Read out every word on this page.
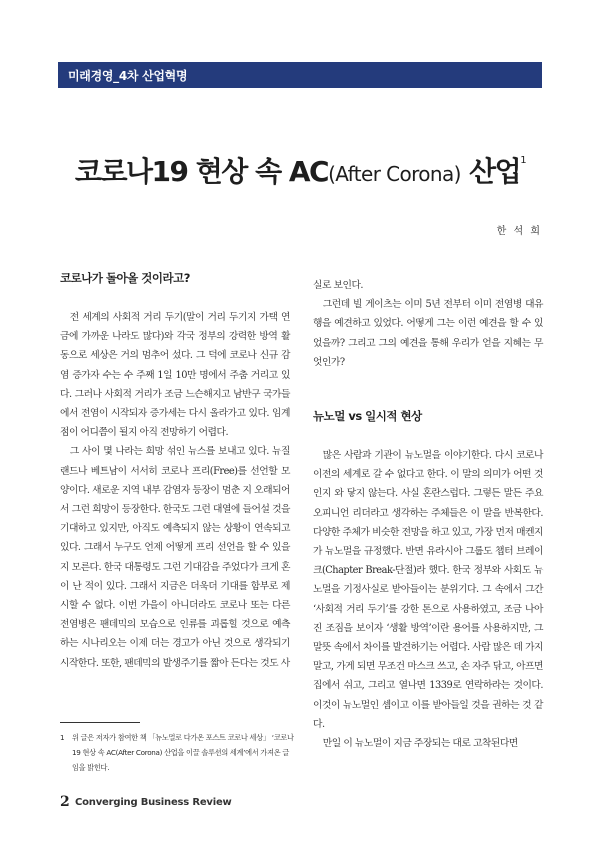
미래경영_4차 산업혁명
코로나19 현상 속 AC(After Corona) 산업$^1$
한 석 희
코로나가 돌아올 것이라고?

전 세계의 사회적 거리 두기(말이 거리 두기지 가택 연금에 가까운 나라도 많다)와 각국 정부의 강력한 방역 활동으로 세상은 거의 멈추어 섰다. 그 덕에 코로나 신규 감염 증가자 수는 수 주째 1일 10만 명에서 주춤 거리고 있다. 그러나 사회적 거리가 조금 느슨해지고 남반구 국가들에서 전염이 시작되자 증가세는 다시 올라가고 있다. 임계점이 어디쯤이 될지 아직 전망하기 어렵다.

그 사이 몇 나라는 희망 섞인 뉴스를 보내고 있다. 뉴질랜드나 베트남이 서서히 코로나 프리(Free)를 선언할 모양이다. 새로운 지역 내부 감염자 등장이 멈춘 지 오래되어서 그런 희망이 등장한다. 한국도 그런 대열에 들어설 것을 기대하고 있지만, 아직도 예측되지 않는 상황이 연속되고 있다. 그래서 누구도 언제 어떻게 프리 선언을 할 수 있을지 모른다. 한국 대통령도 그런 기대감을 주었다가 크게 혼이 난 적이 있다. 그래서 지금은 더욱더 기대를 함부로 제시할 수 없다. 이번 가을이 아니더라도 코로나 또는 다른 전염병은 팬데믹의 모습으로 인류를 괴롭힐 것으로 예측하는 시나리오는 이제 더는 경고가 아닌 것으로 생각되기 시작한다. 또한, 팬데믹의 발생주기를 짧아 든다는 것도 사

실로 보인다.

그런데 빌 게이츠는 이미 5년 전부터 이미 전염병 대유행을 예견하고 있었다. 어떻게 그는 이런 예견을 할 수 있었을까? 그리고 그의 예견을 통해 우리가 얻을 지혜는 무엇인가?

뉴노멀 vs 일시적 현상

많은 사람과 기관이 뉴노멀을 이야기한다. 다시 코로나 이전의 세계로 갈 수 없다고 한다. 이 말의 의미가 어떤 것인지 와 닿지 않는다. 사실 혼란스럽다. 그렇든 말든 주요 오피니언 리더라고 생각하는 주체들은 이 말을 반복한다. 다양한 주체가 비슷한 전망을 하고 있고, 가장 먼저 매켄지가 뉴노멀을 규정했다. 반면 유라시아 그룹도 챕터 브레이크(Chapter Break-단절)라 했다. 한국 정부와 사회도 뉴노멀을 기정사실로 받아들이는 분위기다. 그 속에서 그간 ‘사회적 거리 두기’를 강한 톤으로 사용하였고, 조금 나아진 조짐을 보이자 ‘생활 방역’이란 용어를 사용하지만, 그 말뜻 속에서 차이를 발견하기는 어렵다. 사람 많은 데 가지 말고, 가게 되면 무조건 마스크 쓰고, 손 자주 닦고, 아프면 집에서 쉬고, 그리고 열나면 1339로 연락하라는 것이다. 이것이 뉴노멀인 셈이고 이를 받아들일 것을 권하는 것 같다.

만일 이 뉴노멀이 지금 주장되는 대로 고착된다면

1 위 글은 저자가 참여한 책 「뉴노멀로 다가온 포스트 코로나 세상」 ‘코로나19 현상 속 AC(After Corona) 산업을 이끌 솔루션의 세계’에서 가져온 글임을 밝힌다.
2 Converging Business Review
